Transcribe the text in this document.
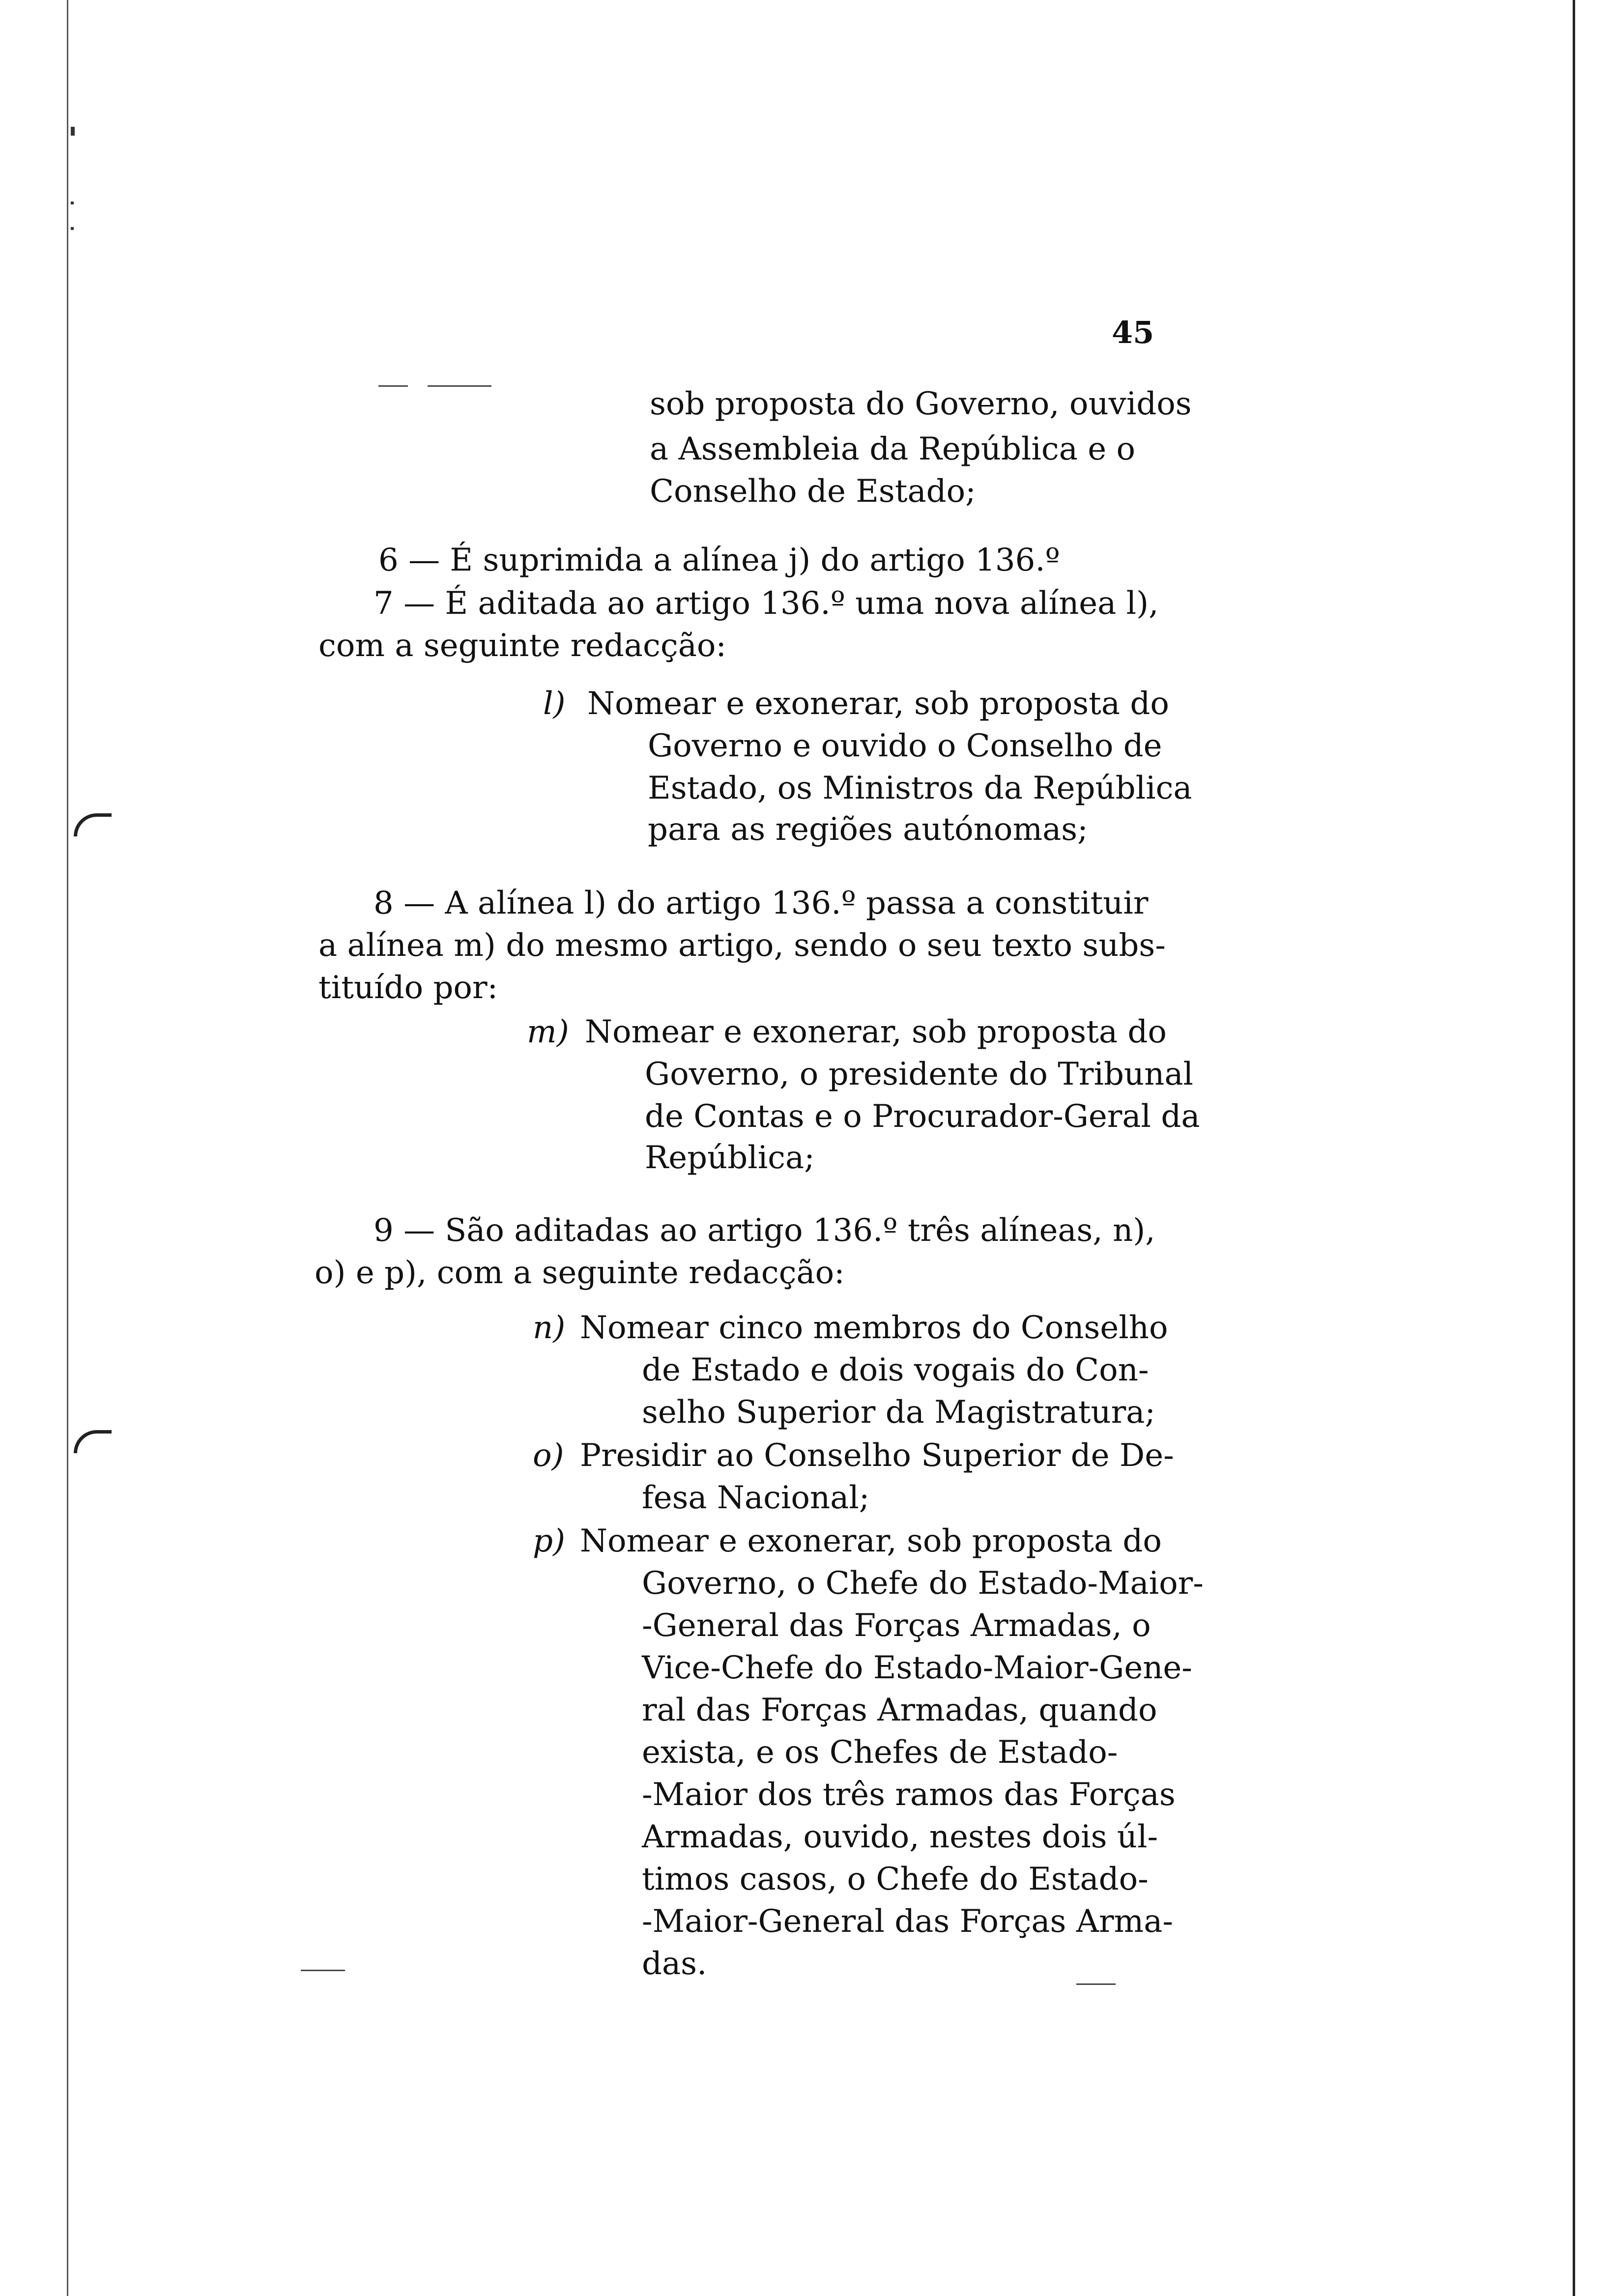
45
sob proposta do Governo, ouvidos
a Assembleia da República e o
Conselho de Estado;
6 — É suprimida a alínea j) do artigo 136.º
7 — É aditada ao artigo 136.º uma nova alínea l),
com a seguinte redacção:
l) Nomear e exonerar, sob proposta do
Governo e ouvido o Conselho de
Estado, os Ministros da República
para as regiões autónomas;
8 — A alínea l) do artigo 136.º passa a constituir
a alínea m) do mesmo artigo, sendo o seu texto subs-
tituído por:
m) Nomear e exonerar, sob proposta do
Governo, o presidente do Tribunal
de Contas e o Procurador-Geral da
República;
9 — São aditadas ao artigo 136.º três alíneas, n),
o) e p), com a seguinte redacção:
n) Nomear cinco membros do Conselho
de Estado e dois vogais do Con-
selho Superior da Magistratura;
o) Presidir ao Conselho Superior de De-
fesa Nacional;
p) Nomear e exonerar, sob proposta do
Governo, o Chefe do Estado-Maior-
-General das Forças Armadas, o
Vice-Chefe do Estado-Maior-Gene-
ral das Forças Armadas, quando
exista, e os Chefes de Estado-
-Maior dos três ramos das Forças
Armadas, ouvido, nestes dois úl-
timos casos, o Chefe do Estado-
-Maior-General das Forças Arma-
das.
